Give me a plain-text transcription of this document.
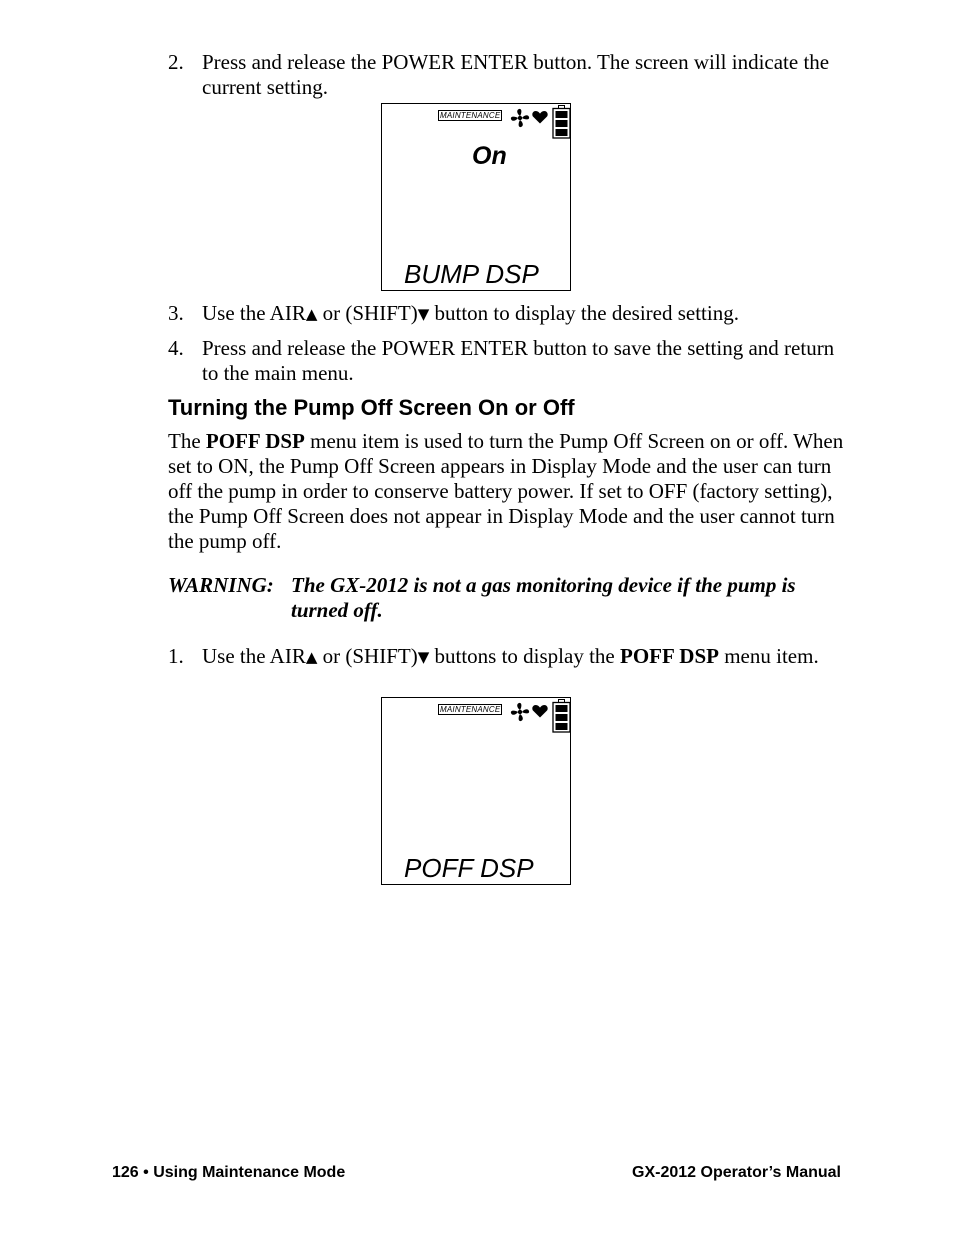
2. Press and release the POWER ENTER button. The screen will indicate the current setting.
MAINTENANCE
On
BUMP DSP
3. Use the AIR▲ or (SHIFT)▼ button to display the desired setting.
4. Press and release the POWER ENTER button to save the setting and return to the main menu.
Turning the Pump Off Screen On or Off
The POFF DSP menu item is used to turn the Pump Off Screen on or off. When set to ON, the Pump Off Screen appears in Display Mode and the user can turn off the pump in order to conserve battery power. If set to OFF (factory setting), the Pump Off Screen does not appear in Display Mode and the user cannot turn the pump off.
WARNING: The GX-2012 is not a gas monitoring device if the pump is turned off.
1. Use the AIR▲ or (SHIFT)▼ buttons to display the POFF DSP menu item.
MAINTENANCE
POFF DSP
126 • Using Maintenance Mode	GX-2012 Operator’s Manual
